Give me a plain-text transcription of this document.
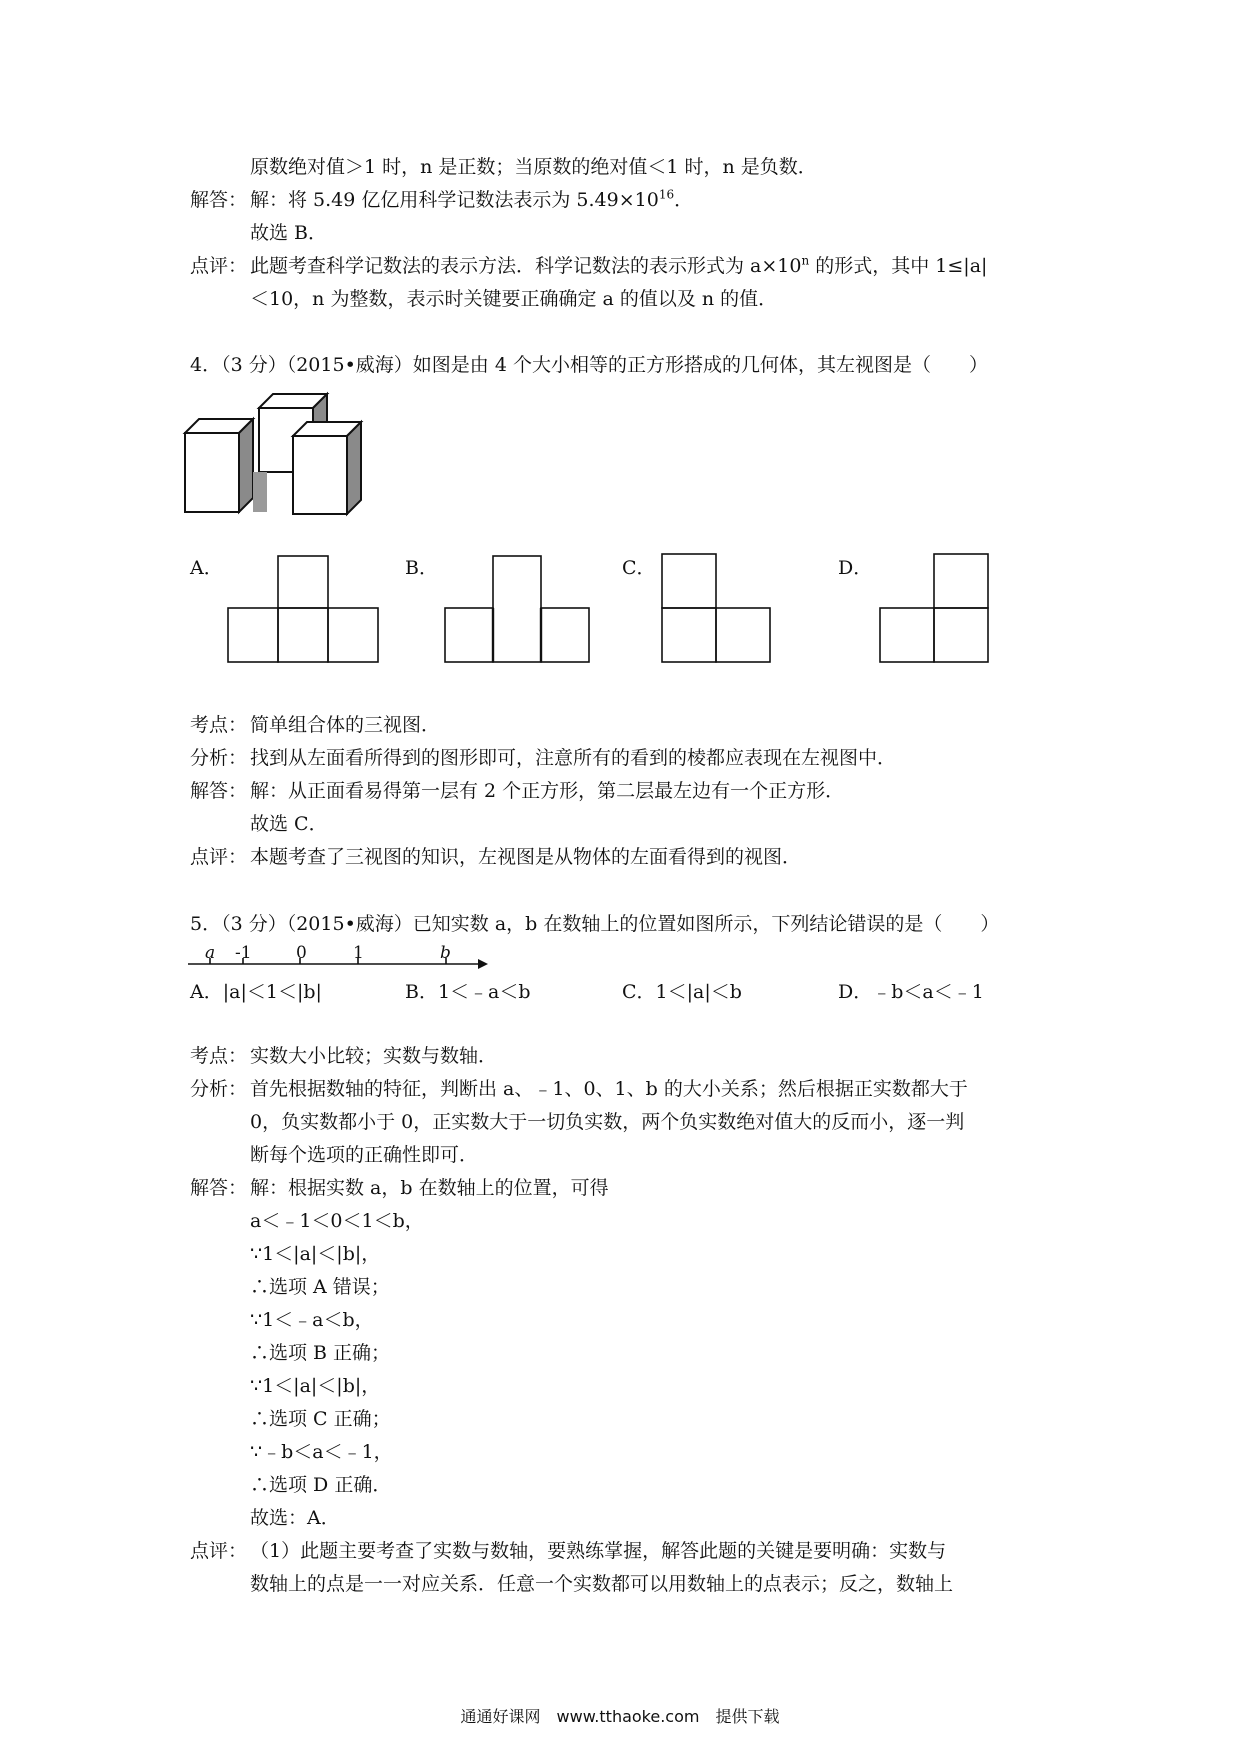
原数绝对值＞1 时，n 是正数；当原数的绝对值＜1 时，n 是负数．
解答： 解：将 5.49 亿亿用科学记数法表示为 $5.49\times 10^{16}$．
故选 B．
点评： 此题考查科学记数法的表示方法．科学记数法的表示形式为 $a\times 10^n$ 的形式，其中 1≤|a|
＜10，n 为整数，表示时关键要正确确定 a 的值以及 n 的值．
4．（3 分）（2015•威海）如图是由 4 个大小相等的正方形搭成的几何体，其左视图是（　　）
A．	B．	C．	D．
考点： 简单组合体的三视图．
分析： 找到从左面看所得到的图形即可，注意所有的看到的棱都应表现在左视图中．
解答： 解：从正面看易得第一层有 2 个正方形，第二层最左边有一个正方形．
故选 C．
点评： 本题考查了三视图的知识，左视图是从物体的左面看得到的视图．
5．（3 分）（2015•威海）已知实数 a，b 在数轴上的位置如图所示，下列结论错误的是（　　）
a -1	0	1	b
A．|a|＜1＜|b|	B．1＜﹣a＜b	C．1＜|a|＜b	D．﹣b＜a＜﹣1
考点： 实数大小比较；实数与数轴．
分析： 首先根据数轴的特征，判断出 a、﹣1、0、1、b 的大小关系；然后根据正实数都大于
0，负实数都小于 0，正实数大于一切负实数，两个负实数绝对值大的反而小，逐一判
断每个选项的正确性即可．
解答： 解：根据实数 a，b 在数轴上的位置，可得
a＜﹣1＜0＜1＜b，
∵1＜|a|＜|b|，
∴选项 A 错误；
∵1＜﹣a＜b，
∴选项 B 正确；
∵1＜|a|＜|b|，
∴选项 C 正确；
∵﹣b＜a＜﹣1，
∴选项 D 正确．
故选：A．
点评： （1）此题主要考查了实数与数轴，要熟练掌握，解答此题的关键是要明确：实数与
数轴上的点是一一对应关系．任意一个实数都可以用数轴上的点表示；反之，数轴上
通通好课网　www.tthaoke.com　提供下载
